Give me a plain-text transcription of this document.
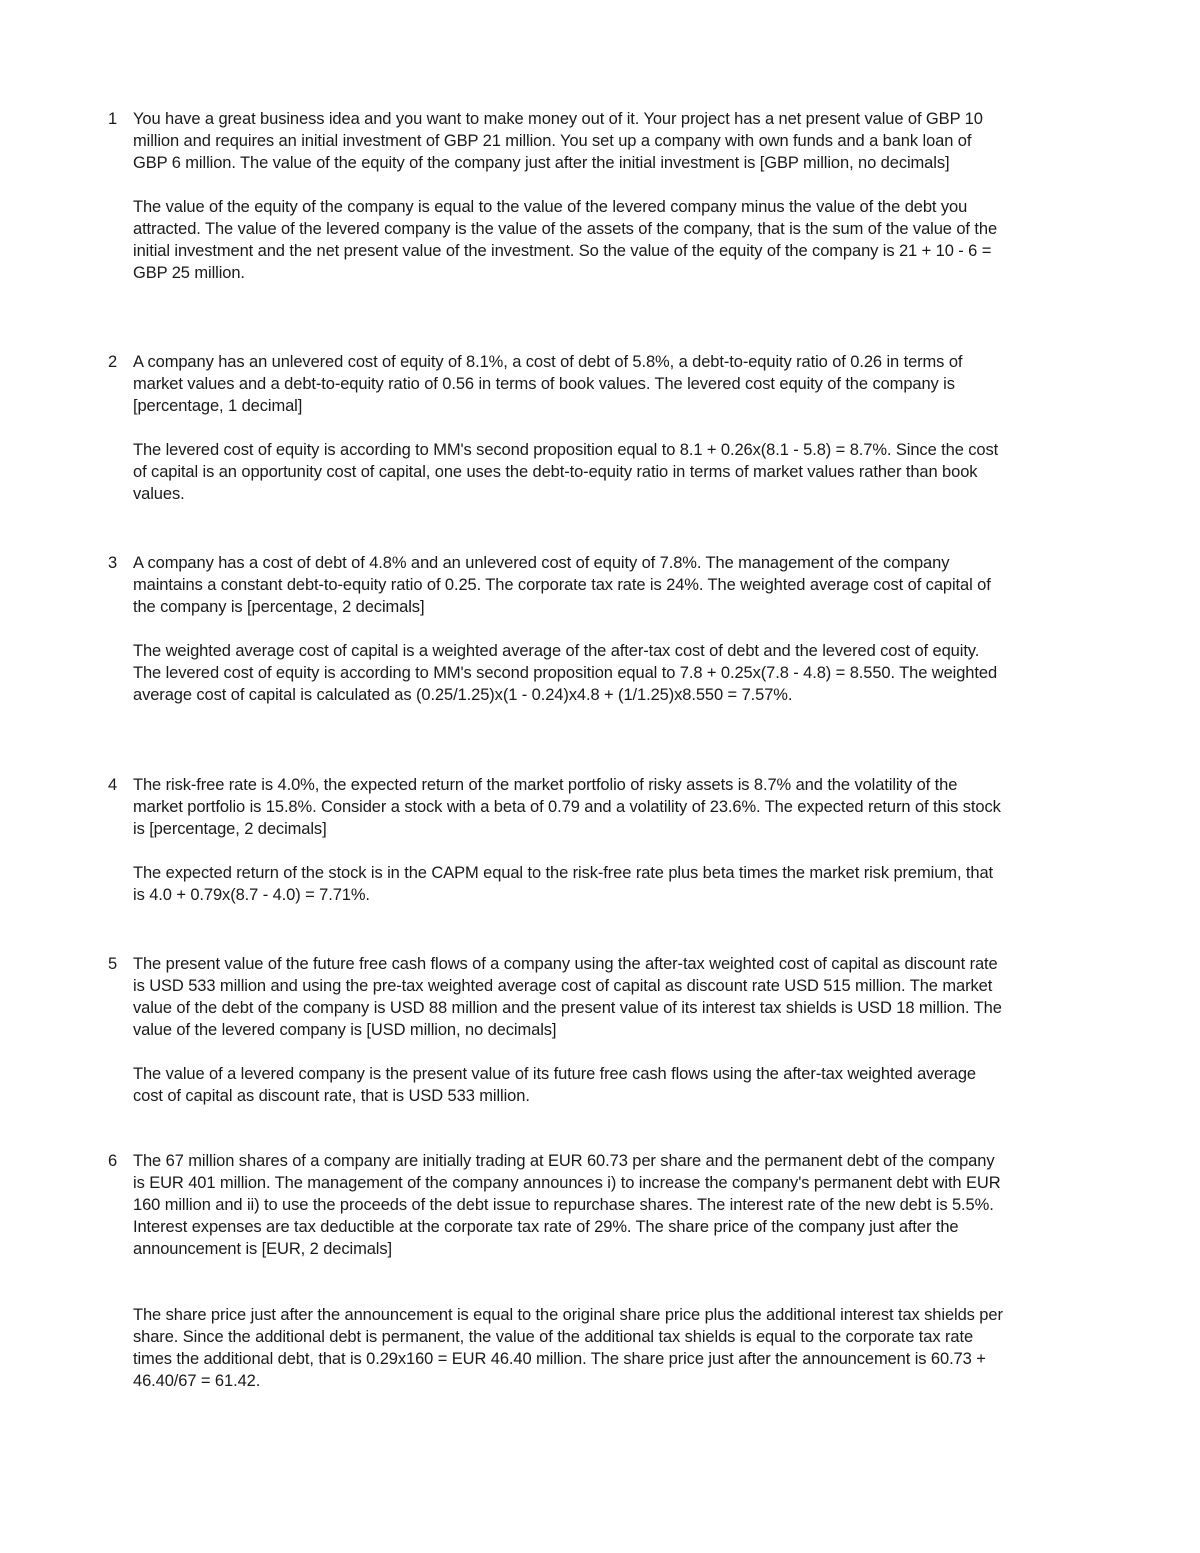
1 You have a great business idea and you want to make money out of it. Your project has a net present value of GBP 10 million and requires an initial investment of GBP 21 million. You set up a company with own funds and a bank loan of GBP 6 million. The value of the equity of the company just after the initial investment is [GBP million, no decimals]

The value of the equity of the company is equal to the value of the levered company minus the value of the debt you attracted. The value of the levered company is the value of the assets of the company, that is the sum of the value of the initial investment and the net present value of the investment. So the value of the equity of the company is 21 + 10 - 6 = GBP 25 million.

2 A company has an unlevered cost of equity of 8.1%, a cost of debt of 5.8%, a debt-to-equity ratio of 0.26 in terms of market values and a debt-to-equity ratio of 0.56 in terms of book values. The levered cost equity of the company is [percentage, 1 decimal]

The levered cost of equity is according to MM's second proposition equal to 8.1 + 0.26x(8.1 - 5.8) = 8.7%. Since the cost of capital is an opportunity cost of capital, one uses the debt-to-equity ratio in terms of market values rather than book values.

3 A company has a cost of debt of 4.8% and an unlevered cost of equity of 7.8%. The management of the company maintains a constant debt-to-equity ratio of 0.25. The corporate tax rate is 24%. The weighted average cost of capital of the company is [percentage, 2 decimals]

The weighted average cost of capital is a weighted average of the after-tax cost of debt and the levered cost of equity. The levered cost of equity is according to MM's second proposition equal to 7.8 + 0.25x(7.8 - 4.8) = 8.550. The weighted average cost of capital is calculated as (0.25/1.25)x(1 - 0.24)x4.8 + (1/1.25)x8.550 = 7.57%.

4 The risk-free rate is 4.0%, the expected return of the market portfolio of risky assets is 8.7% and the volatility of the market portfolio is 15.8%. Consider a stock with a beta of 0.79 and a volatility of 23.6%. The expected return of this stock is [percentage, 2 decimals]

The expected return of the stock is in the CAPM equal to the risk-free rate plus beta times the market risk premium, that is 4.0 + 0.79x(8.7 - 4.0) = 7.71%.

5 The present value of the future free cash flows of a company using the after-tax weighted cost of capital as discount rate is USD 533 million and using the pre-tax weighted average cost of capital as discount rate USD 515 million. The market value of the debt of the company is USD 88 million and the present value of its interest tax shields is USD 18 million. The value of the levered company is [USD million, no decimals]

The value of a levered company is the present value of its future free cash flows using the after-tax weighted average cost of capital as discount rate, that is USD 533 million.

6 The 67 million shares of a company are initially trading at EUR 60.73 per share and the permanent debt of the company is EUR 401 million. The management of the company announces i) to increase the company's permanent debt with EUR 160 million and ii) to use the proceeds of the debt issue to repurchase shares. The interest rate of the new debt is 5.5%. Interest expenses are tax deductible at the corporate tax rate of 29%. The share price of the company just after the announcement is [EUR, 2 decimals]

The share price just after the announcement is equal to the original share price plus the additional interest tax shields per share. Since the additional debt is permanent, the value of the additional tax shields is equal to the corporate tax rate times the additional debt, that is 0.29x160 = EUR 46.40 million. The share price just after the announcement is 60.73 + 46.40/67 = 61.42.
